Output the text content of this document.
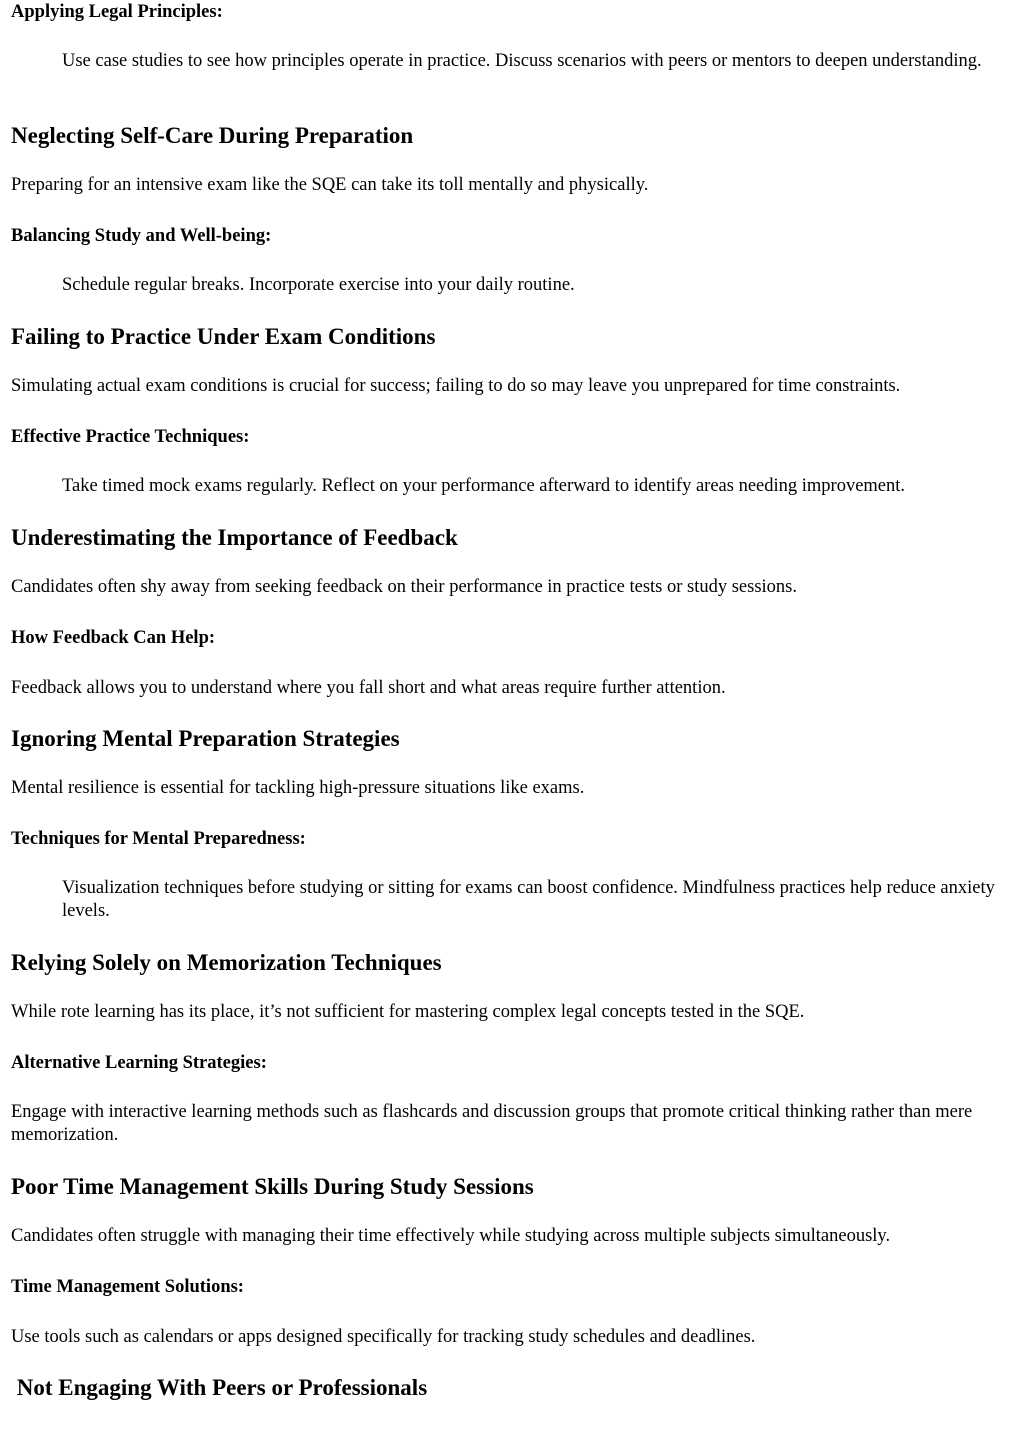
Applying Legal Principles:
Use case studies to see how principles operate in practice. Discuss scenarios with peers or mentors to deepen understanding.
Neglecting Self-Care During Preparation

Preparing for an intensive exam like the SQE can take its toll mentally and physically.

Balancing Study and Well-being:
Schedule regular breaks. Incorporate exercise into your daily routine.
Failing to Practice Under Exam Conditions

Simulating actual exam conditions is crucial for success; failing to do so may leave you unprepared for time constraints.

Effective Practice Techniques:
Take timed mock exams regularly. Reflect on your performance afterward to identify areas needing improvement.
Underestimating the Importance of Feedback

Candidates often shy away from seeking feedback on their performance in practice tests or study sessions.

How Feedback Can Help:

Feedback allows you to understand where you fall short and what areas require further attention.

Ignoring Mental Preparation Strategies

Mental resilience is essential for tackling high-pressure situations like exams.

Techniques for Mental Preparedness:
Visualization techniques before studying or sitting for exams can boost confidence. Mindfulness practices help reduce anxiety levels.
Relying Solely on Memorization Techniques

While rote learning has its place, it’s not sufficient for mastering complex legal concepts tested in the SQE.

Alternative Learning Strategies:

Engage with interactive learning methods such as flashcards and discussion groups that promote critical thinking rather than mere memorization.

Poor Time Management Skills During Study Sessions

Candidates often struggle with managing their time effectively while studying across multiple subjects simultaneously.

Time Management Solutions:

Use tools such as calendars or apps designed specifically for tracking study schedules and deadlines.

Not Engaging With Peers or Professionals
